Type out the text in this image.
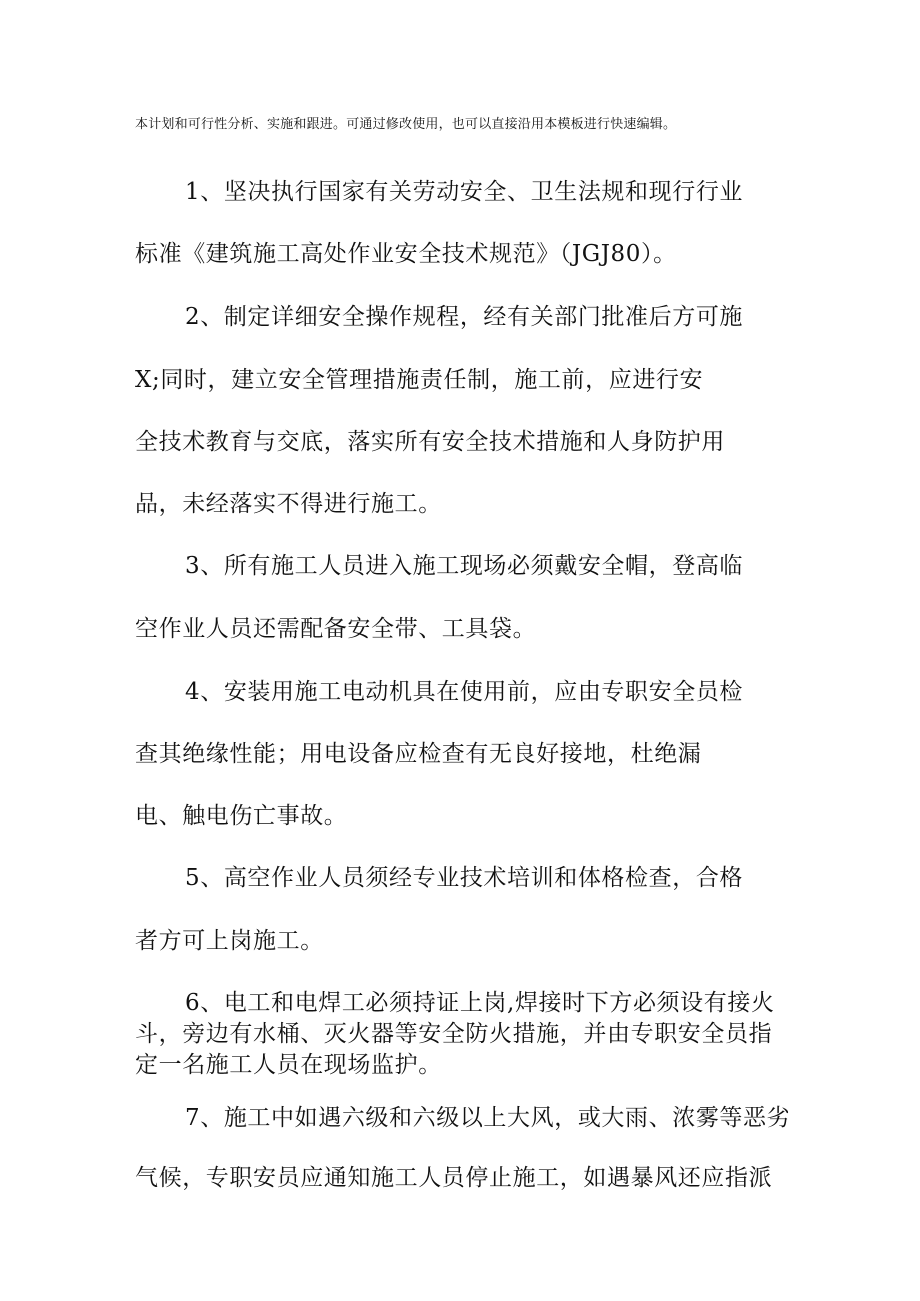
本计划和可行性分析、实施和跟进。可通过修改使用，也可以直接沿用本模板进行快速编辑。
1、坚决执行国家有关劳动安全、卫生法规和现行行业
标准《建筑施工高处作业安全技术规范》（JGJ80）。
2、制定详细安全操作规程，经有关部门批准后方可施
X;同时，建立安全管理措施责任制，施工前，应进行安
全技术教育与交底，落实所有安全技术措施和人身防护用
品，未经落实不得进行施工。
3、所有施工人员进入施工现场必须戴安全帽，登高临
空作业人员还需配备安全带、工具袋。
4、安装用施工电动机具在使用前，应由专职安全员检
查其绝缘性能；用电设备应检查有无良好接地，杜绝漏
电、触电伤亡事故。
5、高空作业人员须经专业技术培训和体格检查，合格
者方可上岗施工。
6、电工和电焊工必须持证上岗,焊接时下方必须设有接火
斗，旁边有水桶、灭火器等安全防火措施，并由专职安全员指
定一名施工人员在现场监护。
7、施工中如遇六级和六级以上大风，或大雨、浓雾等恶劣
气候，专职安员应通知施工人员停止施工，如遇暴风还应指派
